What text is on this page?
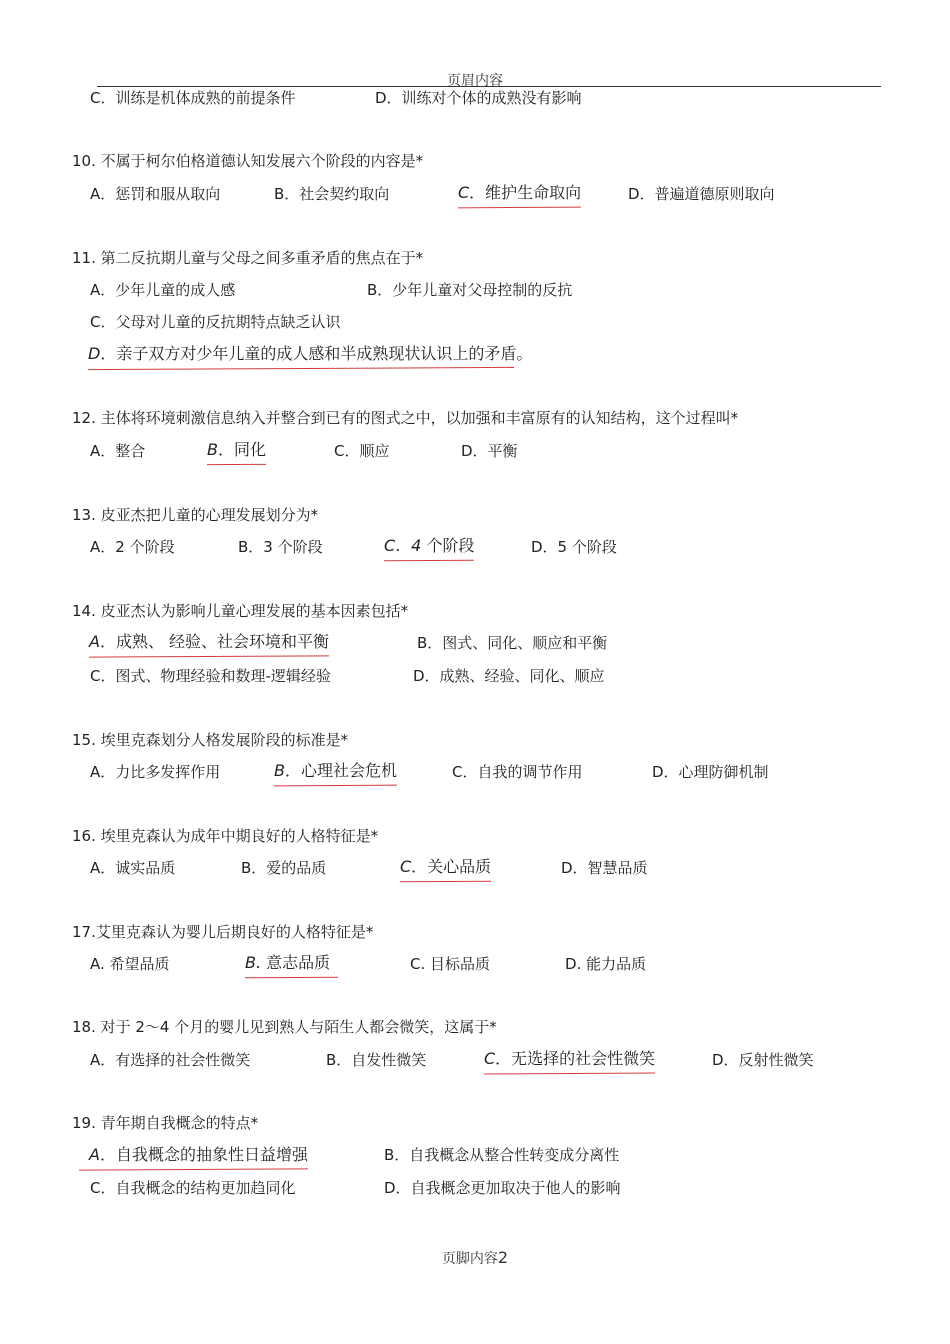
页眉内容
C．训练是机体成熟的前提条件	D．训练对个体的成熟没有影响
10. 不属于柯尔伯格道德认知发展六个阶段的内容是*
A．惩罚和服从取向	B．社会契约取向	C．维护生命取向	D．普遍道德原则取向
11. 第二反抗期儿童与父母之间多重矛盾的焦点在于*
A．少年儿童的成人感	B．少年儿童对父母控制的反抗
C．父母对儿童的反抗期特点缺乏认识
D．亲子双方对少年儿童的成人感和半成熟现状认识上的矛盾。
12. 主体将环境刺激信息纳入并整合到已有的图式之中，以加强和丰富原有的认知结构，这个过程叫*
A．整合	B．同化	C．顺应	D．平衡
13. 皮亚杰把儿童的心理发展划分为*
A．2 个阶段	B．3 个阶段	C．4 个阶段	D．5 个阶段
14. 皮亚杰认为影响儿童心理发展的基本因素包括*
A．成熟、 经验、社会环境和平衡	B．图式、同化、顺应和平衡
C．图式、物理经验和数理-逻辑经验	D．成熟、经验、同化、顺应
15. 埃里克森划分人格发展阶段的标准是*
A．力比多发挥作用	B．心理社会危机	C．自我的调节作用	D．心理防御机制
16. 埃里克森认为成年中期良好的人格特征是*
A．诚实品质	B．爱的品质	C．关心品质	D．智慧品质
17.艾里克森认为婴儿后期良好的人格特征是*
A. 希望品质	B. 意志品质	C. 目标品质	D. 能力品质
18. 对于 2～4 个月的婴儿见到熟人与陌生人都会微笑，这属于*
A．有选择的社会性微笑	B．自发性微笑	C．无选择的社会性微笑	D．反射性微笑
19. 青年期自我概念的特点*
A．自我概念的抽象性日益增强	B．自我概念从整合性转变成分离性
C．自我概念的结构更加趋同化	D．自我概念更加取决于他人的影响
页脚内容2
